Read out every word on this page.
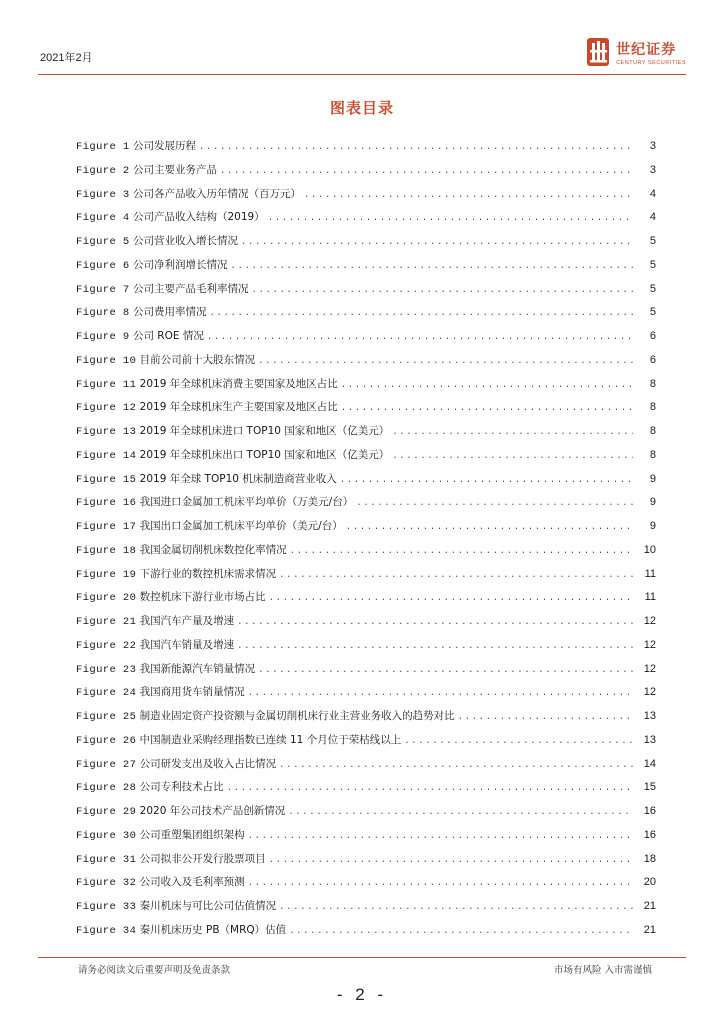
2021年2月
世纪证券
CENTURY SECURITIES
图表目录
Figure 1 公司发展历程 .....	3
Figure 2 公司主要业务产品 .....	3
Figure 3 公司各产品收入历年情况（百万元） .....	4
Figure 4 公司产品收入结构（2019） .....	4
Figure 5 公司营业收入增长情况 .....	5
Figure 6 公司净利润增长情况 .....	5
Figure 7 公司主要产品毛利率情况 .....	5
Figure 8 公司费用率情况 .....	5
Figure 9 公司 ROE 情况 .....	6
Figure 10 目前公司前十大股东情况 .....	6
Figure 11 2019 年全球机床消费主要国家及地区占比 .....	8
Figure 12 2019 年全球机床生产主要国家及地区占比 .....	8
Figure 13 2019 年全球机床进口 TOP10 国家和地区（亿美元） .....	8
Figure 14 2019 年全球机床出口 TOP10 国家和地区（亿美元） .....	8
Figure 15 2019 年全球 TOP10 机床制造商营业收入 .....	9
Figure 16 我国进口金属加工机床平均单价（万美元/台） .....	9
Figure 17 我国出口金属加工机床平均单价（美元/台） .....	9
Figure 18 我国金属切削机床数控化率情况 .....	10
Figure 19 下游行业的数控机床需求情况 .....	11
Figure 20 数控机床下游行业市场占比 .....	11
Figure 21 我国汽车产量及增速 .....	12
Figure 22 我国汽车销量及增速 .....	12
Figure 23 我国新能源汽车销量情况 .....	12
Figure 24 我国商用货车销量情况 .....	12
Figure 25 制造业固定资产投资额与金属切削机床行业主营业务收入的趋势对比 .....	13
Figure 26 中国制造业采购经理指数已连续 11 个月位于荣枯线以上 .....	13
Figure 27 公司研发支出及收入占比情况 .....	14
Figure 28 公司专利技术占比 .....	15
Figure 29 2020 年公司技术产品创新情况 .....	16
Figure 30 公司重塑集团组织架构 .....	16
Figure 31 公司拟非公开发行股票项目 .....	18
Figure 32 公司收入及毛利率预测 .....	20
Figure 33 秦川机床与可比公司估值情况 .....	21
Figure 34 秦川机床历史 PB（MRQ）估值 .....	21
请务必阅读文后重要声明及免责条款	市场有风险 入市需谨慎
- 2 -
